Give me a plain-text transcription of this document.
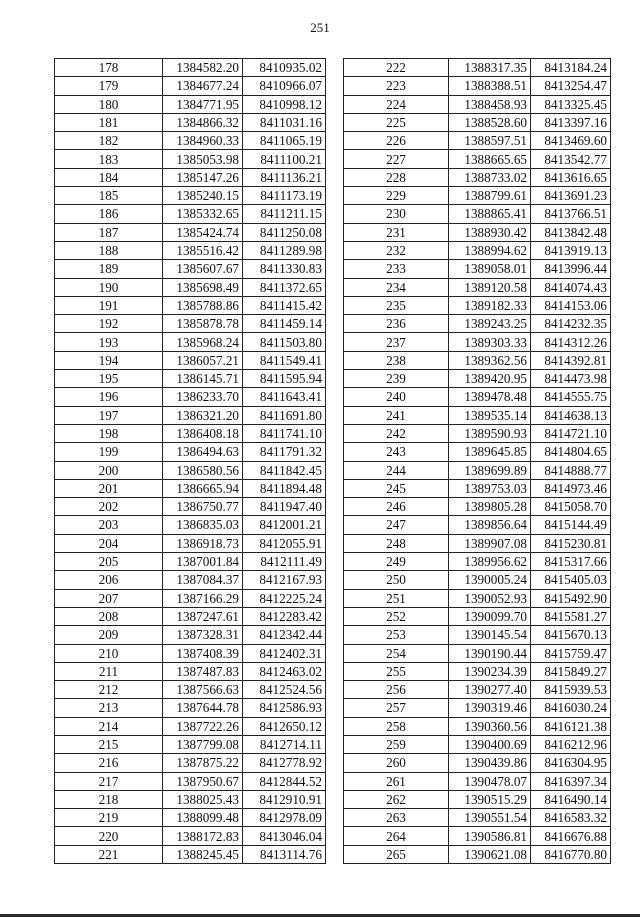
251
178	1384582.20	8410935.02
179	1384677.24	8410966.07
180	1384771.95	8410998.12
181	1384866.32	8411031.16
182	1384960.33	8411065.19
183	1385053.98	8411100.21
184	1385147.26	8411136.21
185	1385240.15	8411173.19
186	1385332.65	8411211.15
187	1385424.74	8411250.08
188	1385516.42	8411289.98
189	1385607.67	8411330.83
190	1385698.49	8411372.65
191	1385788.86	8411415.42
192	1385878.78	8411459.14
193	1385968.24	8411503.80
194	1386057.21	8411549.41
195	1386145.71	8411595.94
196	1386233.70	8411643.41
197	1386321.20	8411691.80
198	1386408.18	8411741.10
199	1386494.63	8411791.32
200	1386580.56	8411842.45
201	1386665.94	8411894.48
202	1386750.77	8411947.40
203	1386835.03	8412001.21
204	1386918.73	8412055.91
205	1387001.84	8412111.49
206	1387084.37	8412167.93
207	1387166.29	8412225.24
208	1387247.61	8412283.42
209	1387328.31	8412342.44
210	1387408.39	8412402.31
211	1387487.83	8412463.02
212	1387566.63	8412524.56
213	1387644.78	8412586.93
214	1387722.26	8412650.12
215	1387799.08	8412714.11
216	1387875.22	8412778.92
217	1387950.67	8412844.52
218	1388025.43	8412910.91
219	1388099.48	8412978.09
220	1388172.83	8413046.04
221	1388245.45	8413114.76
222	1388317.35	8413184.24
223	1388388.51	8413254.47
224	1388458.93	8413325.45
225	1388528.60	8413397.16
226	1388597.51	8413469.60
227	1388665.65	8413542.77
228	1388733.02	8413616.65
229	1388799.61	8413691.23
230	1388865.41	8413766.51
231	1388930.42	8413842.48
232	1388994.62	8413919.13
233	1389058.01	8413996.44
234	1389120.58	8414074.43
235	1389182.33	8414153.06
236	1389243.25	8414232.35
237	1389303.33	8414312.26
238	1389362.56	8414392.81
239	1389420.95	8414473.98
240	1389478.48	8414555.75
241	1389535.14	8414638.13
242	1389590.93	8414721.10
243	1389645.85	8414804.65
244	1389699.89	8414888.77
245	1389753.03	8414973.46
246	1389805.28	8415058.70
247	1389856.64	8415144.49
248	1389907.08	8415230.81
249	1389956.62	8415317.66
250	1390005.24	8415405.03
251	1390052.93	8415492.90
252	1390099.70	8415581.27
253	1390145.54	8415670.13
254	1390190.44	8415759.47
255	1390234.39	8415849.27
256	1390277.40	8415939.53
257	1390319.46	8416030.24
258	1390360.56	8416121.38
259	1390400.69	8416212.96
260	1390439.86	8416304.95
261	1390478.07	8416397.34
262	1390515.29	8416490.14
263	1390551.54	8416583.32
264	1390586.81	8416676.88
265	1390621.08	8416770.80
